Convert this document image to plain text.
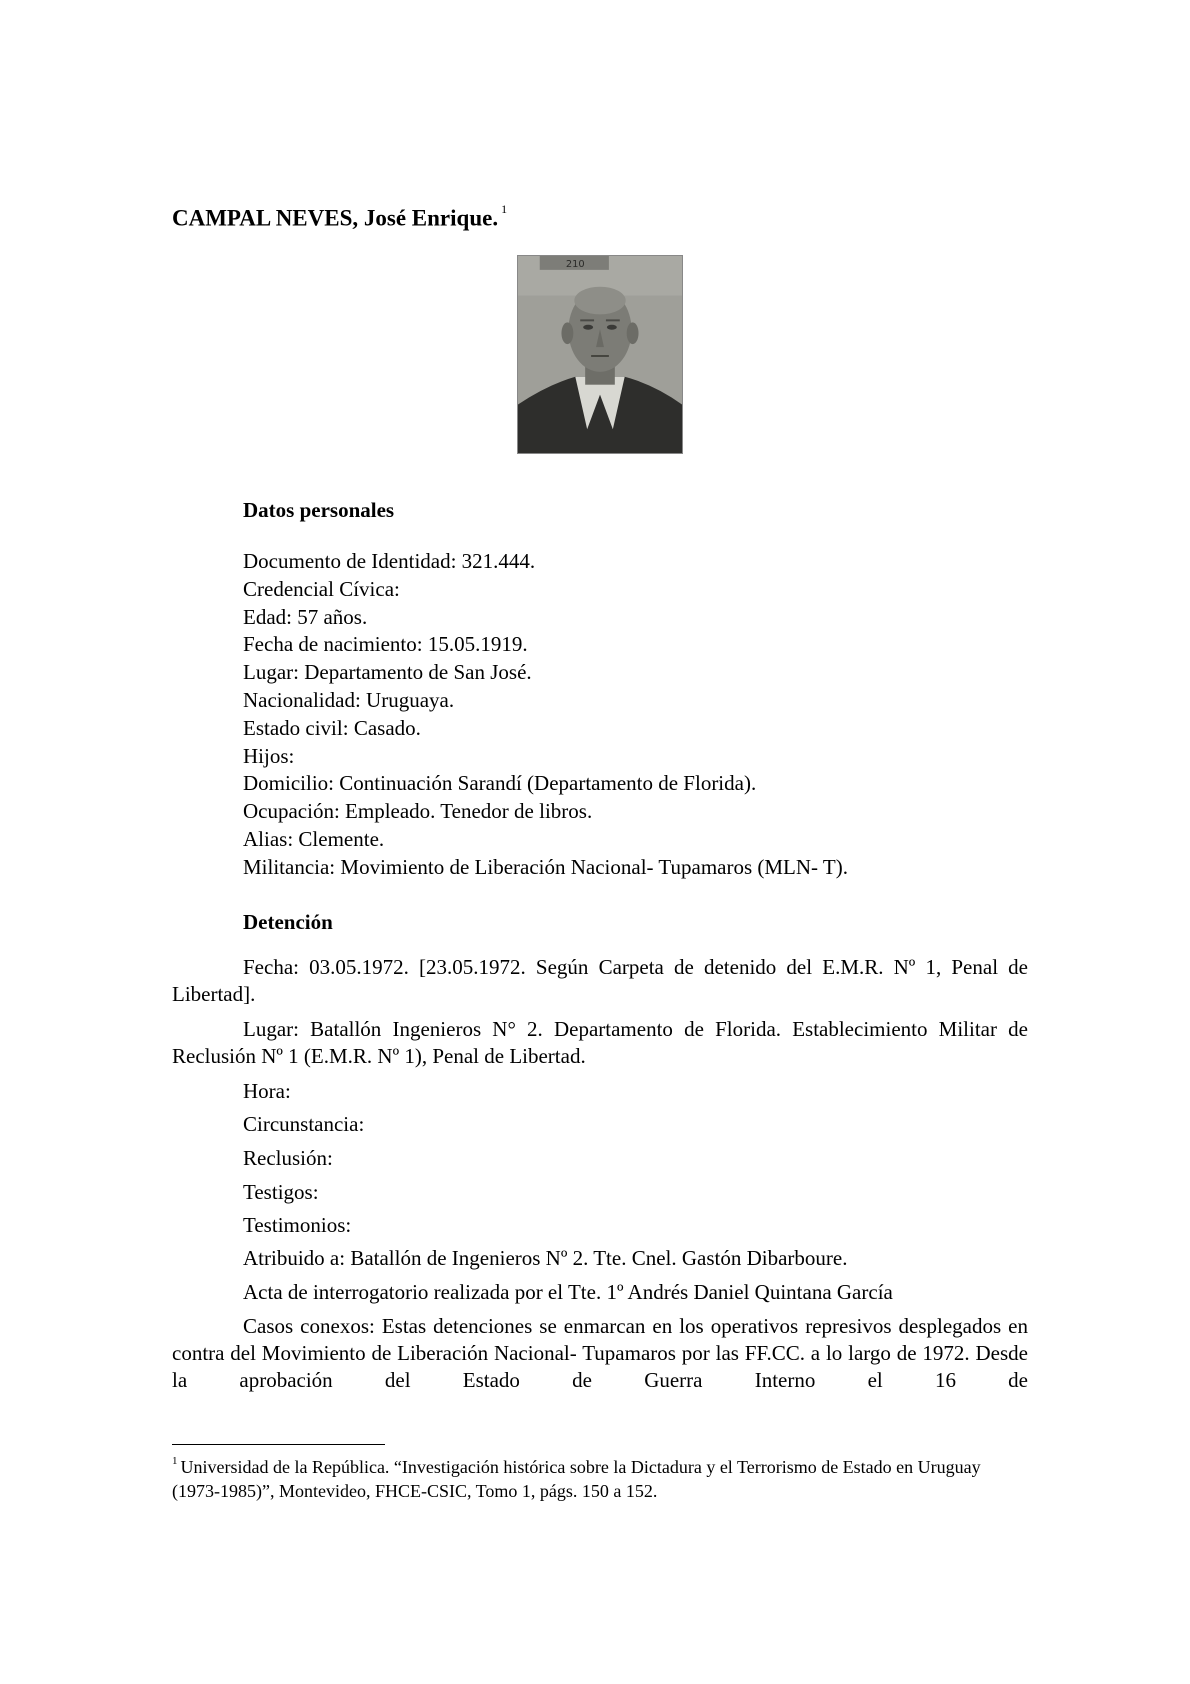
CAMPAL NEVES, José Enrique. $^1$
210
Datos personales
Documento de Identidad: 321.444.
Credencial Cívica:
Edad: 57 años.
Fecha de nacimiento: 15.05.1919.
Lugar: Departamento de San José.
Nacionalidad: Uruguaya.
Estado civil: Casado.
Hijos:
Domicilio: Continuación Sarandí (Departamento de Florida).
Ocupación: Empleado. Tenedor de libros.
Alias: Clemente.
Militancia: Movimiento de Liberación Nacional- Tupamaros (MLN- T).
Detención

Fecha: 03.05.1972. [23.05.1972. Según Carpeta de detenido del E.M.R. Nº 1, Penal de Libertad].

Lugar: Batallón Ingenieros N° 2. Departamento de Florida. Establecimiento Militar de Reclusión Nº 1 (E.M.R. Nº 1), Penal de Libertad.

Hora:
Circunstancia:
Reclusión:
Testigos:
Testimonios:
Atribuido a: Batallón de Ingenieros Nº 2. Tte. Cnel. Gastón Dibarboure.
Acta de interrogatorio realizada por el Tte. 1º Andrés Daniel Quintana García

Casos conexos: Estas detenciones se enmarcan en los operativos represivos desplegados en contra del Movimiento de Liberación Nacional- Tupamaros por las FF.CC. a lo largo de 1972. Desde la aprobación del Estado de Guerra Interno el 16 de

$^1$ Universidad de la República. “Investigación histórica sobre la Dictadura y el Terrorismo de Estado en Uruguay (1973-1985)”, Montevideo, FHCE-CSIC, Tomo 1, págs. 150 a 152.
